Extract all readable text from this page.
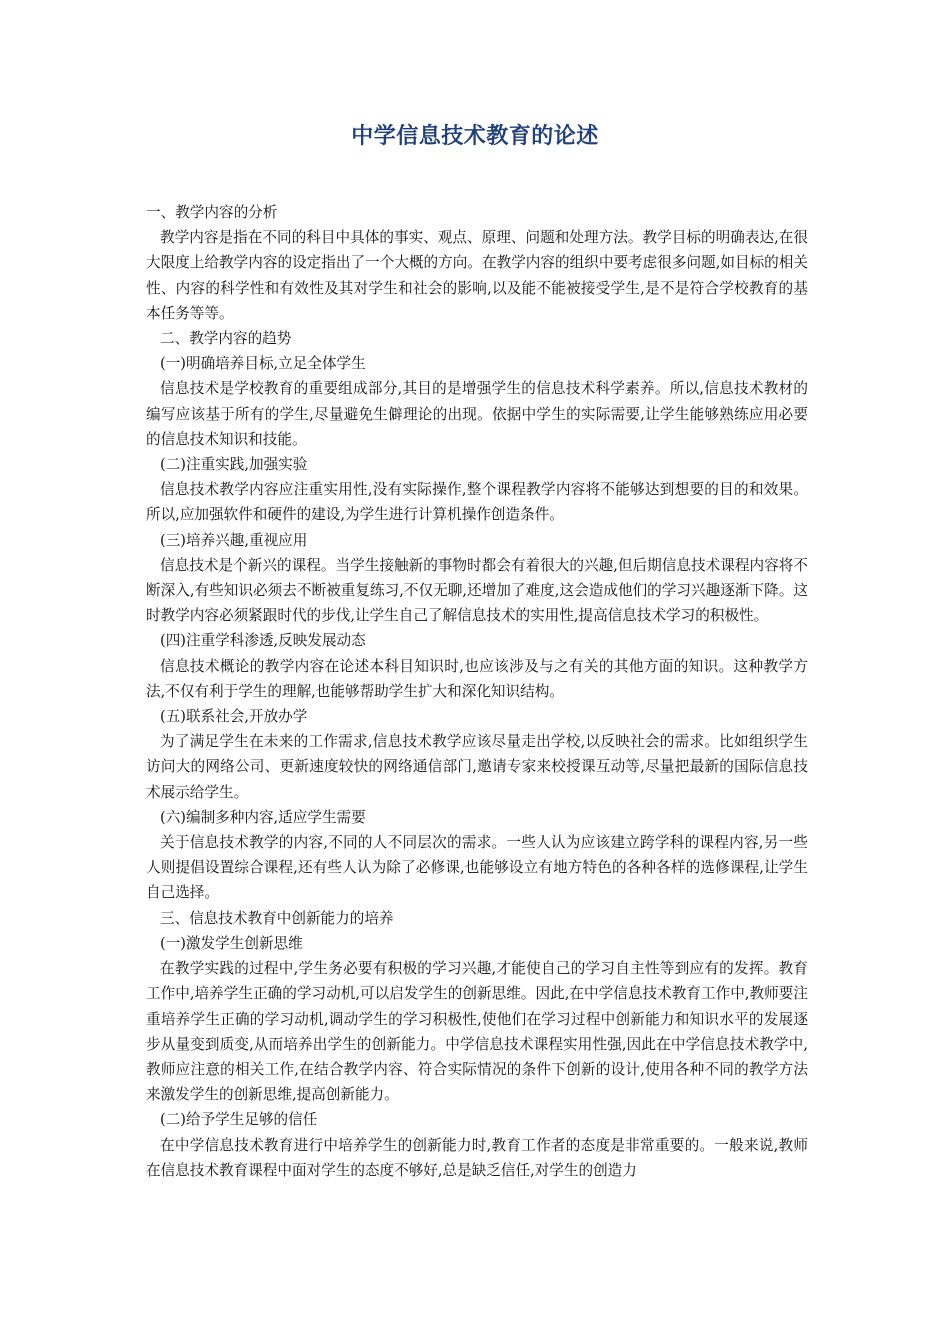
中学信息技术教育的论述

一、教学内容的分析

教学内容是指在不同的科目中具体的事实、观点、原理、问题和处理方法。教学目标的明确表达,在很大限度上给教学内容的设定指出了一个大概的方向。在教学内容的组织中要考虑很多问题,如目标的相关性、内容的科学性和有效性及其对学生和社会的影响,以及能不能被接受学生,是不是符合学校教育的基本任务等等。

二、教学内容的趋势

(一)明确培养目标,立足全体学生

信息技术是学校教育的重要组成部分,其目的是增强学生的信息技术科学素养。所以,信息技术教材的编写应该基于所有的学生,尽量避免生僻理论的出现。依据中学生的实际需要,让学生能够熟练应用必要的信息技术知识和技能。

(二)注重实践,加强实验

信息技术教学内容应注重实用性,没有实际操作,整个课程教学内容将不能够达到想要的目的和效果。所以,应加强软件和硬件的建设,为学生进行计算机操作创造条件。

(三)培养兴趣,重视应用

信息技术是个新兴的课程。当学生接触新的事物时都会有着很大的兴趣,但后期信息技术课程内容将不断深入,有些知识必须去不断被重复练习,不仅无聊,还增加了难度,这会造成他们的学习兴趣逐渐下降。这时教学内容必须紧跟时代的步伐,让学生自己了解信息技术的实用性,提高信息技术学习的积极性。

(四)注重学科渗透,反映发展动态

信息技术概论的教学内容在论述本科目知识时,也应该涉及与之有关的其他方面的知识。这种教学方法,不仅有利于学生的理解,也能够帮助学生扩大和深化知识结构。

(五)联系社会,开放办学

为了满足学生在未来的工作需求,信息技术教学应该尽量走出学校,以反映社会的需求。比如组织学生访问大的网络公司、更新速度较快的网络通信部门,邀请专家来校授课互动等,尽量把最新的国际信息技术展示给学生。

(六)编制多种内容,适应学生需要

关于信息技术教学的内容,不同的人不同层次的需求。一些人认为应该建立跨学科的课程内容,另一些人则提倡设置综合课程,还有些人认为除了必修课,也能够设立有地方特色的各种各样的选修课程,让学生自己选择。

三、信息技术教育中创新能力的培养

(一)激发学生创新思维

在教学实践的过程中,学生务必要有积极的学习兴趣,才能使自己的学习自主性等到应有的发挥。教育工作中,培养学生正确的学习动机,可以启发学生的创新思维。因此,在中学信息技术教育工作中,教师要注重培养学生正确的学习动机,调动学生的学习积极性,使他们在学习过程中创新能力和知识水平的发展逐步从量变到质变,从而培养出学生的创新能力。中学信息技术课程实用性强,因此在中学信息技术教学中,教师应注意的相关工作,在结合教学内容、符合实际情况的条件下创新的设计,使用各种不同的教学方法来激发学生的创新思维,提高创新能力。

(二)给予学生足够的信任

在中学信息技术教育进行中培养学生的创新能力时,教育工作者的态度是非常重要的。一般来说,教师在信息技术教育课程中面对学生的态度不够好,总是缺乏信任,对学生的创造力
